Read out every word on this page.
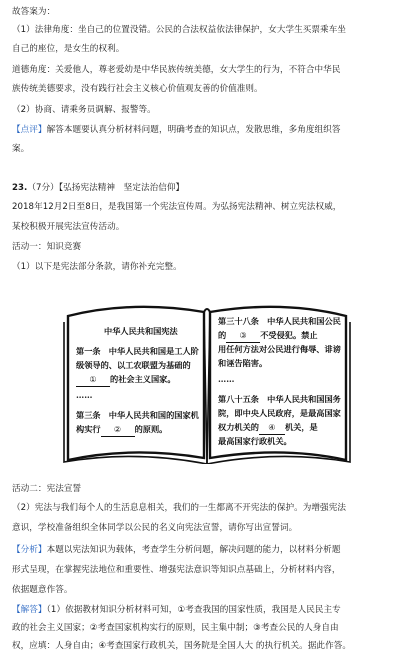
故答案为：
（1）法律角度：坐自己的位置没错。公民的合法权益依法律保护，女大学生买票乘车坐
自己的座位，是女生的权利。
道德角度：关爱他人，尊老爱幼是中华民族传统美德，女大学生的行为，不符合中华民
族传统美德要求，没有践行社会主义核心价值观友善的价值准则。
（2）协商、请乘务员调解、报警等。
【点评】解答本题要认真分析材料问题，明确考查的知识点，发散思维，多角度组织答
案。
23.（7分）【弘扬宪法精神　坚定法治信仰】
2018年12月2日至8日，是我国第一个宪法宣传周。为弘扬宪法精神、树立宪法权威，
某校积极开展宪法宣传活动。
活动一：知识竞赛
（1）以下是宪法部分条款，请你补充完整。
中华人民共和国宪法
第一条　中华人民共和国是工人阶
级领导的、以工农联盟为基础的
① 的社会主义国家。
……
第三条　中华人民共和国的国家机
构实行 ② 的原则。
第三十八条　中华人民共和国公民
的 ③ 不受侵犯。禁止
用任何方法对公民进行侮辱、诽谤
和诬告陷害。
……
第八十五条　中华人民共和国国务
院，即中央人民政府，是最高国家
权力机关的 ④ 机关，是
最高国家行政机关。
活动二：宪法宣誓
（2）宪法与我们每个人的生活息息相关，我们的一生都离不开宪法的保护。为增强宪法
意识，学校准备组织全体同学以公民的名义向宪法宣誓，请你写出宣誓词。
【分析】本题以宪法知识为载体，考查学生分析问题，解决问题的能力，以材料分析题
形式呈现，在掌握宪法地位和重要性、增强宪法意识等知识点基础上，分析材料内容，
依据题意作答。
【解答】（1）依据教材知识分析材料可知，①考查我国的国家性质，我国是人民民主专
政的社会主义国家；②考查国家机构实行的原则，民主集中制；③考查公民的人身自由
权，应填：人身自由；④考查国家行政机关，国务院是全国人大 的执行机关。据此作答。
